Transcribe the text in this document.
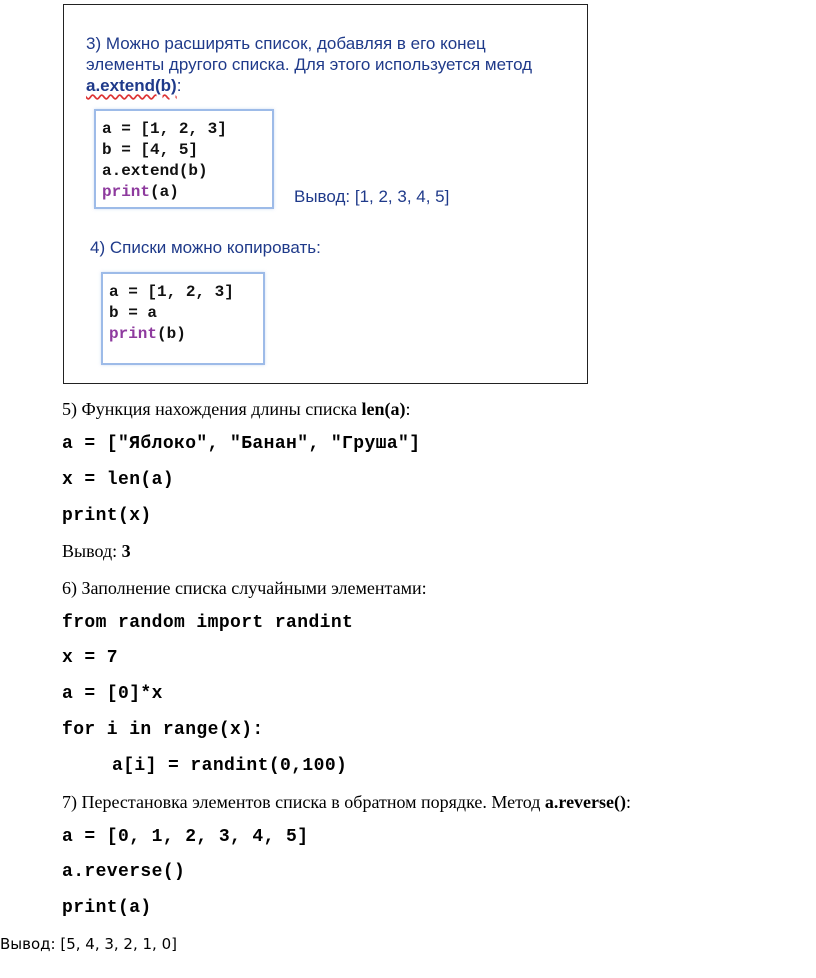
3) Можно расширять список, добавляя в его конец
элементы другого списка. Для этого используется метод
a.extend(b):
a = [1, 2, 3]
b = [4, 5]
a.extend(b)
print(a)	Вывод: [1, 2, 3, 4, 5]
4) Списки можно копировать:
a = [1, 2, 3]
b = a
print(b)
5) Функция нахождения длины списка len(a):
a = ["Яблоко", "Банан", "Груша"]
x = len(a)
print(x)
Вывод: 3
6) Заполнение списка случайными элементами:
from random import randint
x = 7
a = [0]*x
for i in range(x):
a[i] = randint(0,100)
7) Перестановка элементов списка в обратном порядке. Метод a.reverse():
a = [0, 1, 2, 3, 4, 5]
a.reverse()
print(a)
Вывод: [5, 4, 3, 2, 1, 0]
